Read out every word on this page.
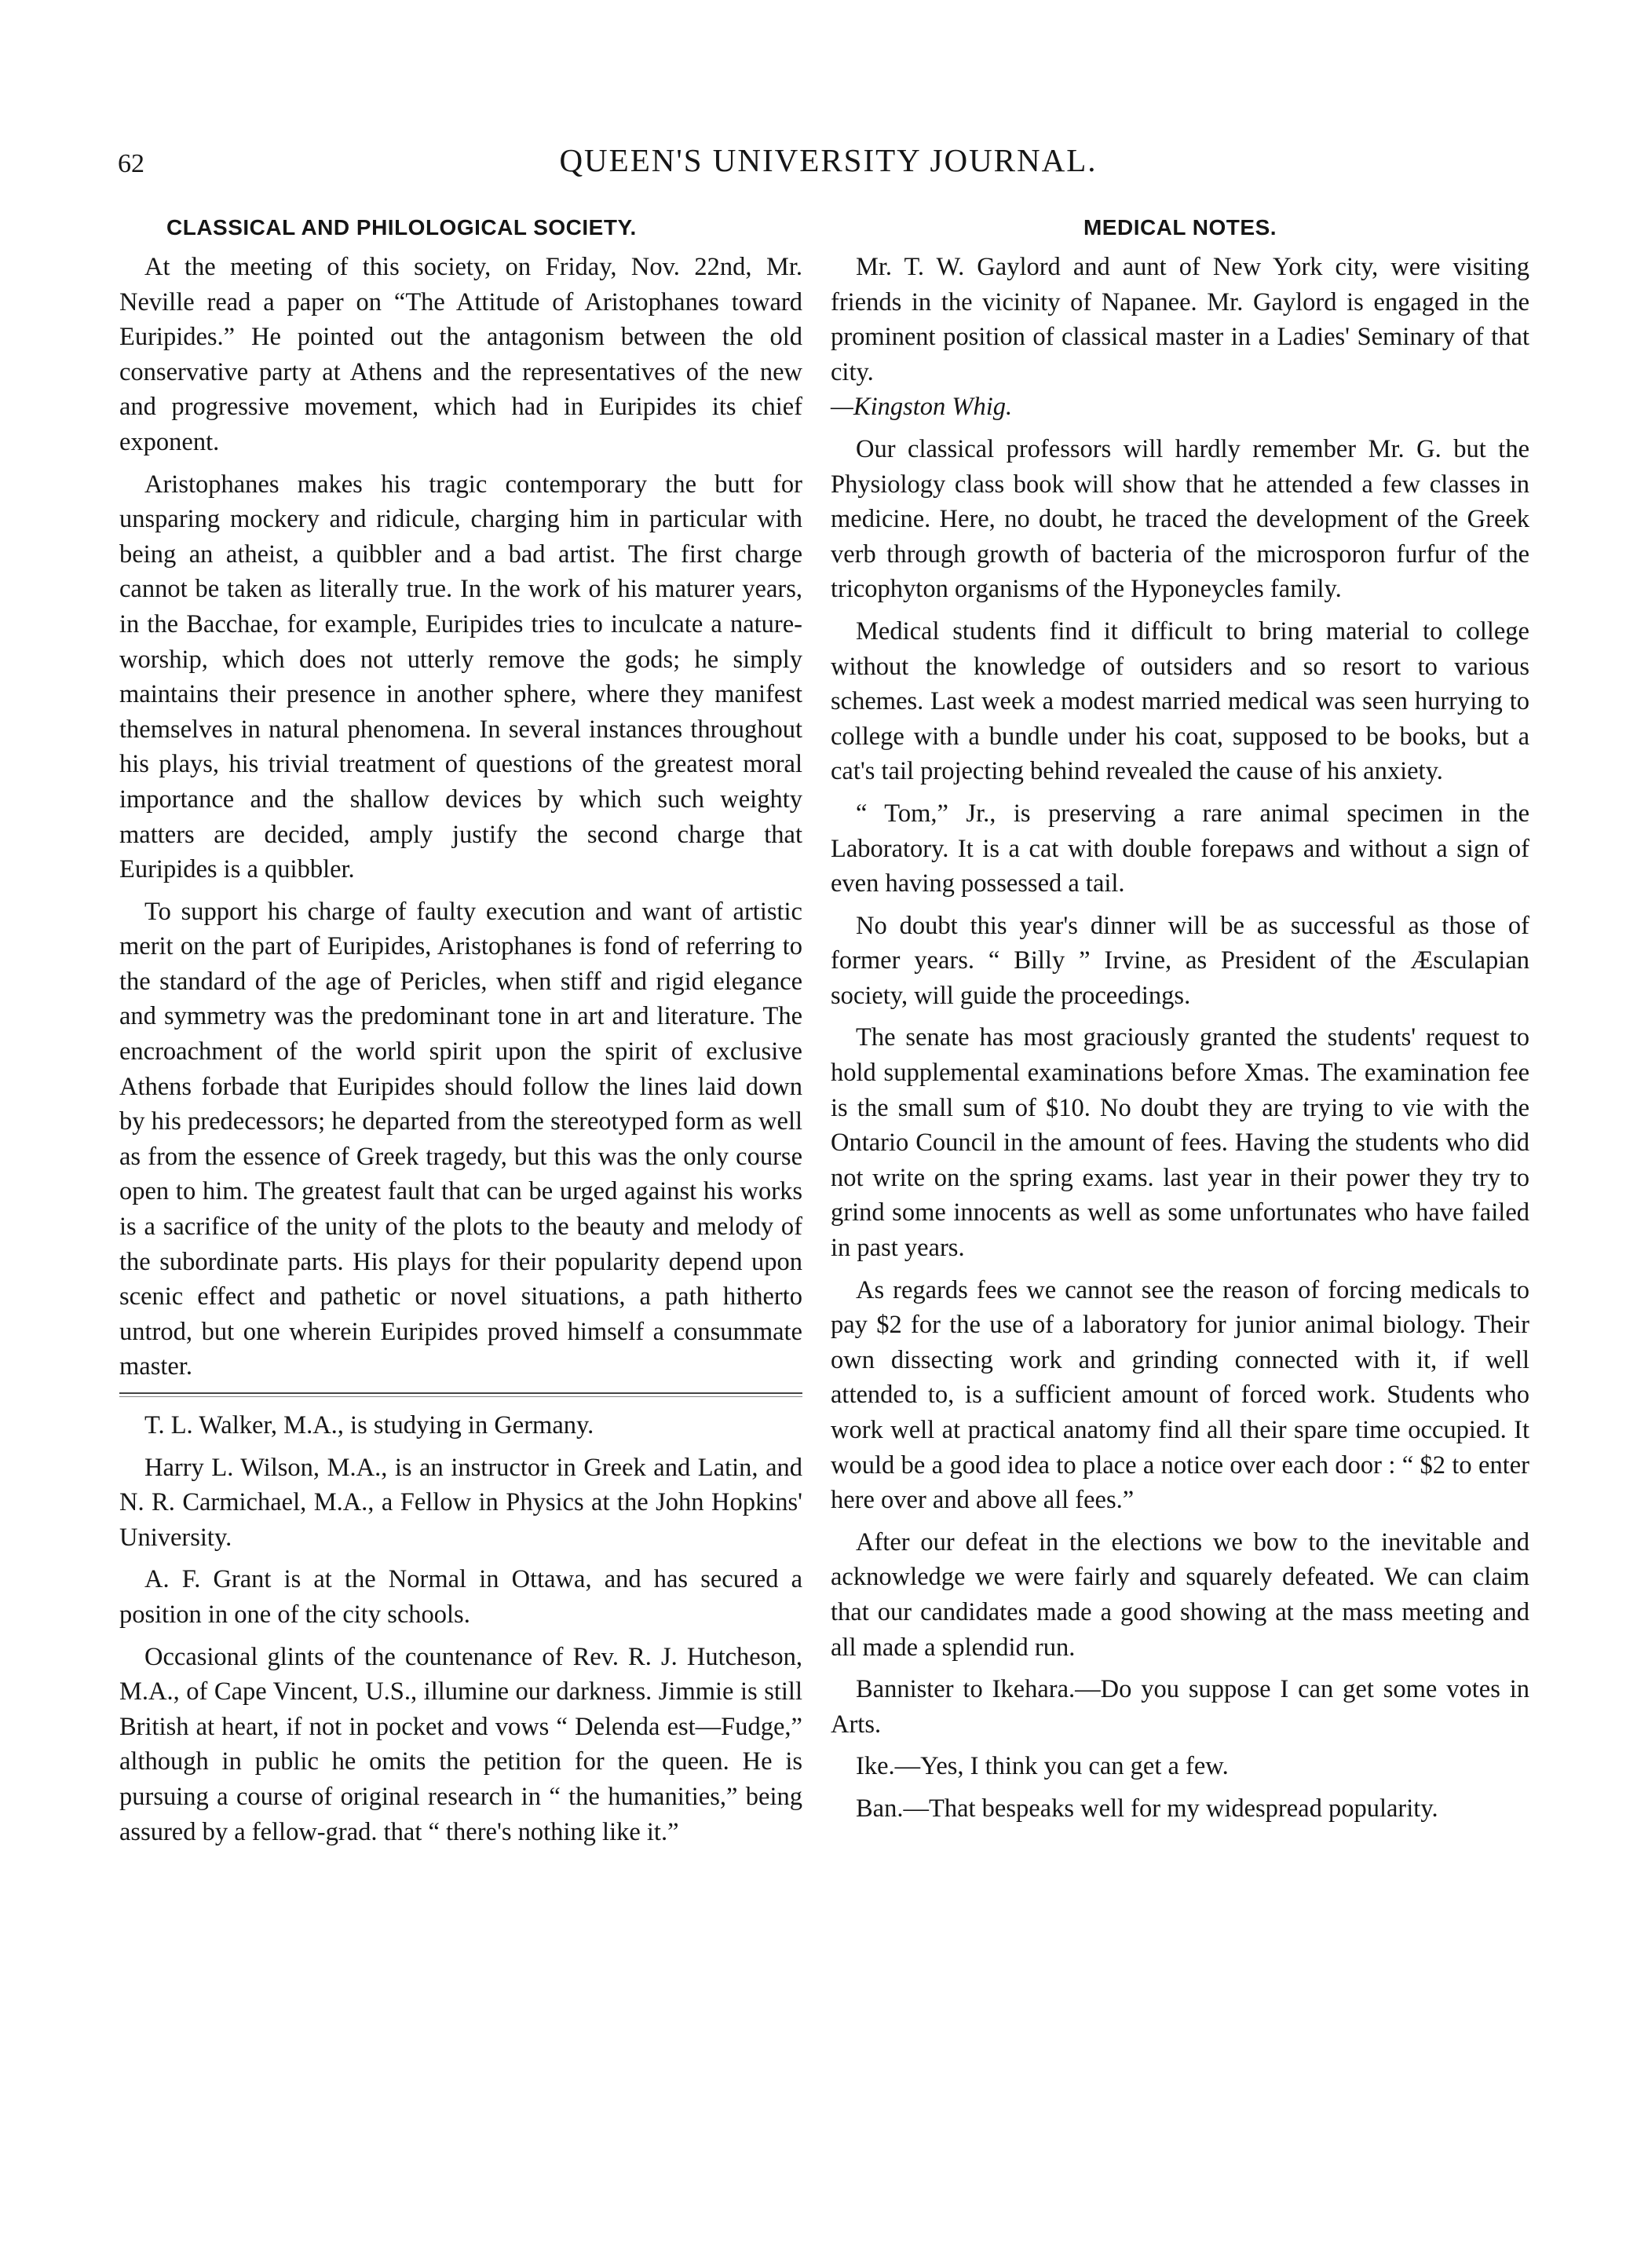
62	QUEEN'S UNIVERSITY JOURNAL.
CLASSICAL AND PHILOLOGICAL SOCIETY.

At the meeting of this society, on Friday, Nov. 22nd, Mr. Neville read a paper on “The Attitude of Aristophanes toward Euripides.” He pointed out the antagonism between the old conservative party at Athens and the representatives of the new and progressive movement, which had in Euripides its chief exponent.

Aristophanes makes his tragic contemporary the butt for unsparing mockery and ridicule, charging him in particular with being an atheist, a quibbler and a bad artist. The first charge cannot be taken as literally true. In the work of his maturer years, in the Bacchae, for example, Euripides tries to inculcate a nature-worship, which does not utterly remove the gods; he simply maintains their presence in another sphere, where they manifest themselves in natural phenomena. In several instances throughout his plays, his trivial treatment of questions of the greatest moral importance and the shallow devices by which such weighty matters are decided, amply justify the second charge that Euripides is a quibbler.

To support his charge of faulty execution and want of artistic merit on the part of Euripides, Aristophanes is fond of referring to the standard of the age of Pericles, when stiff and rigid elegance and symmetry was the predominant tone in art and literature. The encroachment of the world spirit upon the spirit of exclusive Athens forbade that Euripides should follow the lines laid down by his predecessors; he departed from the stereotyped form as well as from the essence of Greek tragedy, but this was the only course open to him. The greatest fault that can be urged against his works is a sacrifice of the unity of the plots to the beauty and melody of the subordinate parts. His plays for their popularity depend upon scenic effect and pathetic or novel situations, a path hitherto untrod, but one wherein Euripides proved himself a consummate master.

T. L. Walker, M.A., is studying in Germany.

Harry L. Wilson, M.A., is an instructor in Greek and Latin, and N. R. Carmichael, M.A., a Fellow in Physics at the John Hopkins' University.

A. F. Grant is at the Normal in Ottawa, and has secured a position in one of the city schools.

Occasional glints of the countenance of Rev. R. J. Hutcheson, M.A., of Cape Vincent, U.S., illumine our darkness. Jimmie is still British at heart, if not in pocket and vows “ Delenda est—Fudge,” although in public he omits the petition for the queen. He is pursuing a course of original research in “ the humanities,” being assured by a fellow-grad. that “ there's nothing like it.”

MEDICAL NOTES.

Mr. T. W. Gaylord and aunt of New York city, were visiting friends in the vicinity of Napanee. Mr. Gaylord is engaged in the prominent position of classical master in a Ladies' Seminary of that city.
—Kingston Whig.

Our classical professors will hardly remember Mr. G. but the Physiology class book will show that he attended a few classes in medicine. Here, no doubt, he traced the development of the Greek verb through growth of bacteria of the microsporon furfur of the tricophyton organisms of the Hyponeycles family.

Medical students find it difficult to bring material to college without the knowledge of outsiders and so resort to various schemes. Last week a modest married medical was seen hurrying to college with a bundle under his coat, supposed to be books, but a cat's tail projecting behind revealed the cause of his anxiety.

“ Tom,” Jr., is preserving a rare animal specimen in the Laboratory. It is a cat with double forepaws and without a sign of even having possessed a tail.

No doubt this year's dinner will be as successful as those of former years. “ Billy ” Irvine, as President of the Æsculapian society, will guide the proceedings.

The senate has most graciously granted the students' request to hold supplemental examinations before Xmas. The examination fee is the small sum of $10. No doubt they are trying to vie with the Ontario Council in the amount of fees. Having the students who did not write on the spring exams. last year in their power they try to grind some innocents as well as some unfortunates who have failed in past years.

As regards fees we cannot see the reason of forcing medicals to pay $2 for the use of a laboratory for junior animal biology. Their own dissecting work and grinding connected with it, if well attended to, is a sufficient amount of forced work. Students who work well at practical anatomy find all their spare time occupied. It would be a good idea to place a notice over each door : “ $2 to enter here over and above all fees.”

After our defeat in the elections we bow to the inevitable and acknowledge we were fairly and squarely defeated. We can claim that our candidates made a good showing at the mass meeting and all made a splendid run.

Bannister to Ikehara.—Do you suppose I can get some votes in Arts.

Ike.—Yes, I think you can get a few.

Ban.—That bespeaks well for my widespread popularity.
